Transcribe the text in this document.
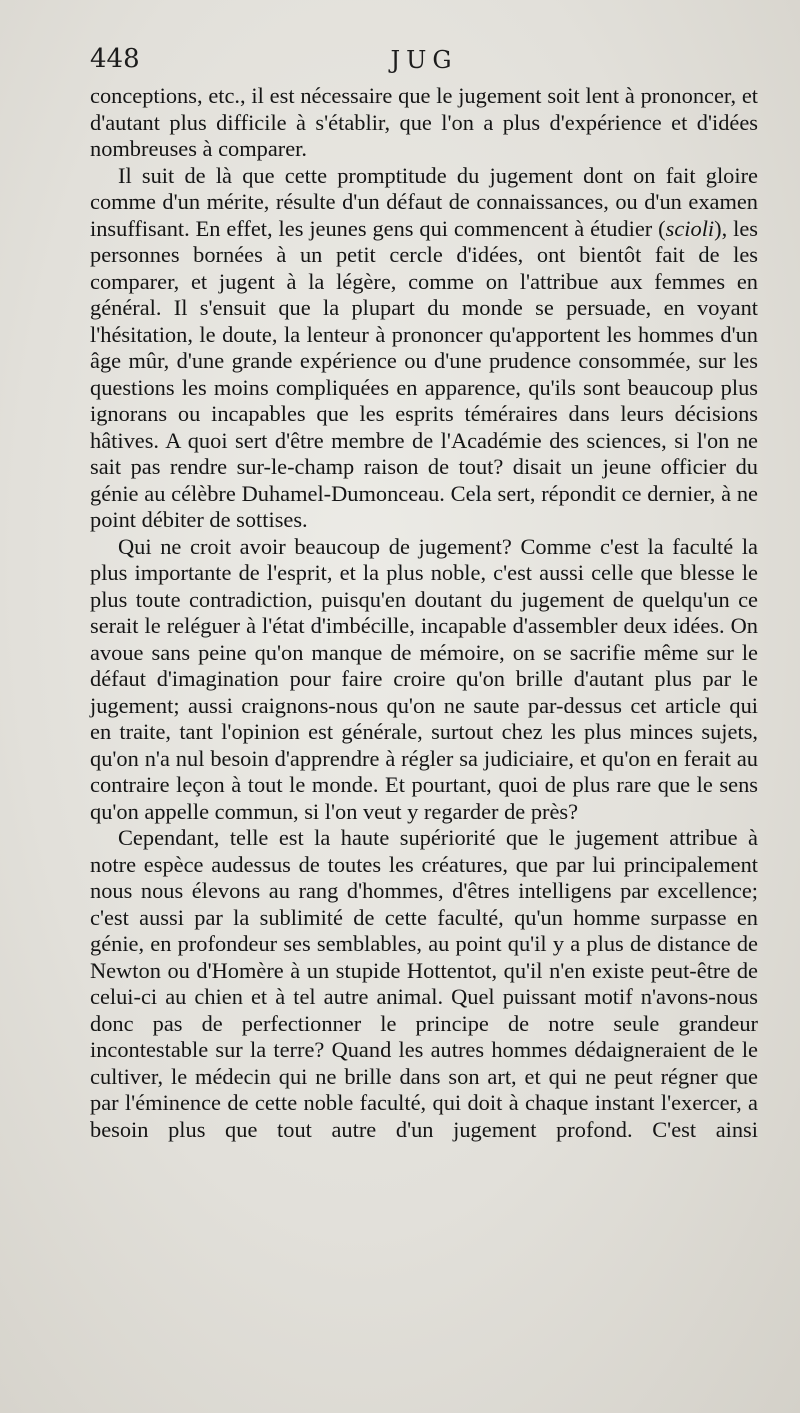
448	JUG

conceptions, etc., il est nécessaire que le jugement soit lent à prononcer, et d'autant plus difficile à s'établir, que l'on a plus d'expérience et d'idées nombreuses à comparer.

Il suit de là que cette promptitude du jugement dont on fait gloire comme d'un mérite, résulte d'un défaut de connaissances, ou d'un examen insuffisant. En effet, les jeunes gens qui commencent à étudier (scioli), les personnes bornées à un petit cercle d'idées, ont bientôt fait de les comparer, et jugent à la légère, comme on l'attribue aux femmes en général. Il s'ensuit que la plupart du monde se persuade, en voyant l'hésitation, le doute, la lenteur à prononcer qu'apportent les hommes d'un âge mûr, d'une grande expérience ou d'une prudence consommée, sur les questions les moins compliquées en apparence, qu'ils sont beaucoup plus ignorans ou incapables que les esprits téméraires dans leurs décisions hâtives. A quoi sert d'être membre de l'Académie des sciences, si l'on ne sait pas rendre sur-le-champ raison de tout? disait un jeune officier du génie au célèbre Duhamel-Dumonceau. Cela sert, répondit ce dernier, à ne point débiter de sottises.

Qui ne croit avoir beaucoup de jugement? Comme c'est la faculté la plus importante de l'esprit, et la plus noble, c'est aussi celle que blesse le plus toute contradiction, puisqu'en doutant du jugement de quelqu'un ce serait le reléguer à l'état d'imbécille, incapable d'assembler deux idées. On avoue sans peine qu'on manque de mémoire, on se sacrifie même sur le défaut d'imagination pour faire croire qu'on brille d'autant plus par le jugement; aussi craignons-nous qu'on ne saute par-dessus cet article qui en traite, tant l'opinion est générale, surtout chez les plus minces sujets, qu'on n'a nul besoin d'apprendre à régler sa judiciaire, et qu'on en ferait au contraire leçon à tout le monde. Et pourtant, quoi de plus rare que le sens qu'on appelle commun, si l'on veut y regarder de près?

Cependant, telle est la haute supériorité que le jugement attribue à notre espèce audessus de toutes les créatures, que par lui principalement nous nous élevons au rang d'hommes, d'êtres intelligens par excellence; c'est aussi par la sublimité de cette faculté, qu'un homme surpasse en génie, en profondeur ses semblables, au point qu'il y a plus de distance de Newton ou d'Homère à un stupide Hottentot, qu'il n'en existe peut-être de celui-ci au chien et à tel autre animal. Quel puissant motif n'avons-nous donc pas de perfectionner le principe de notre seule grandeur incontestable sur la terre? Quand les autres hommes dédaigneraient de le cultiver, le médecin qui ne brille dans son art, et qui ne peut régner que par l'éminence de cette noble faculté, qui doit à chaque instant l'exercer, a besoin plus que tout autre d'un jugement profond. C'est ainsi
